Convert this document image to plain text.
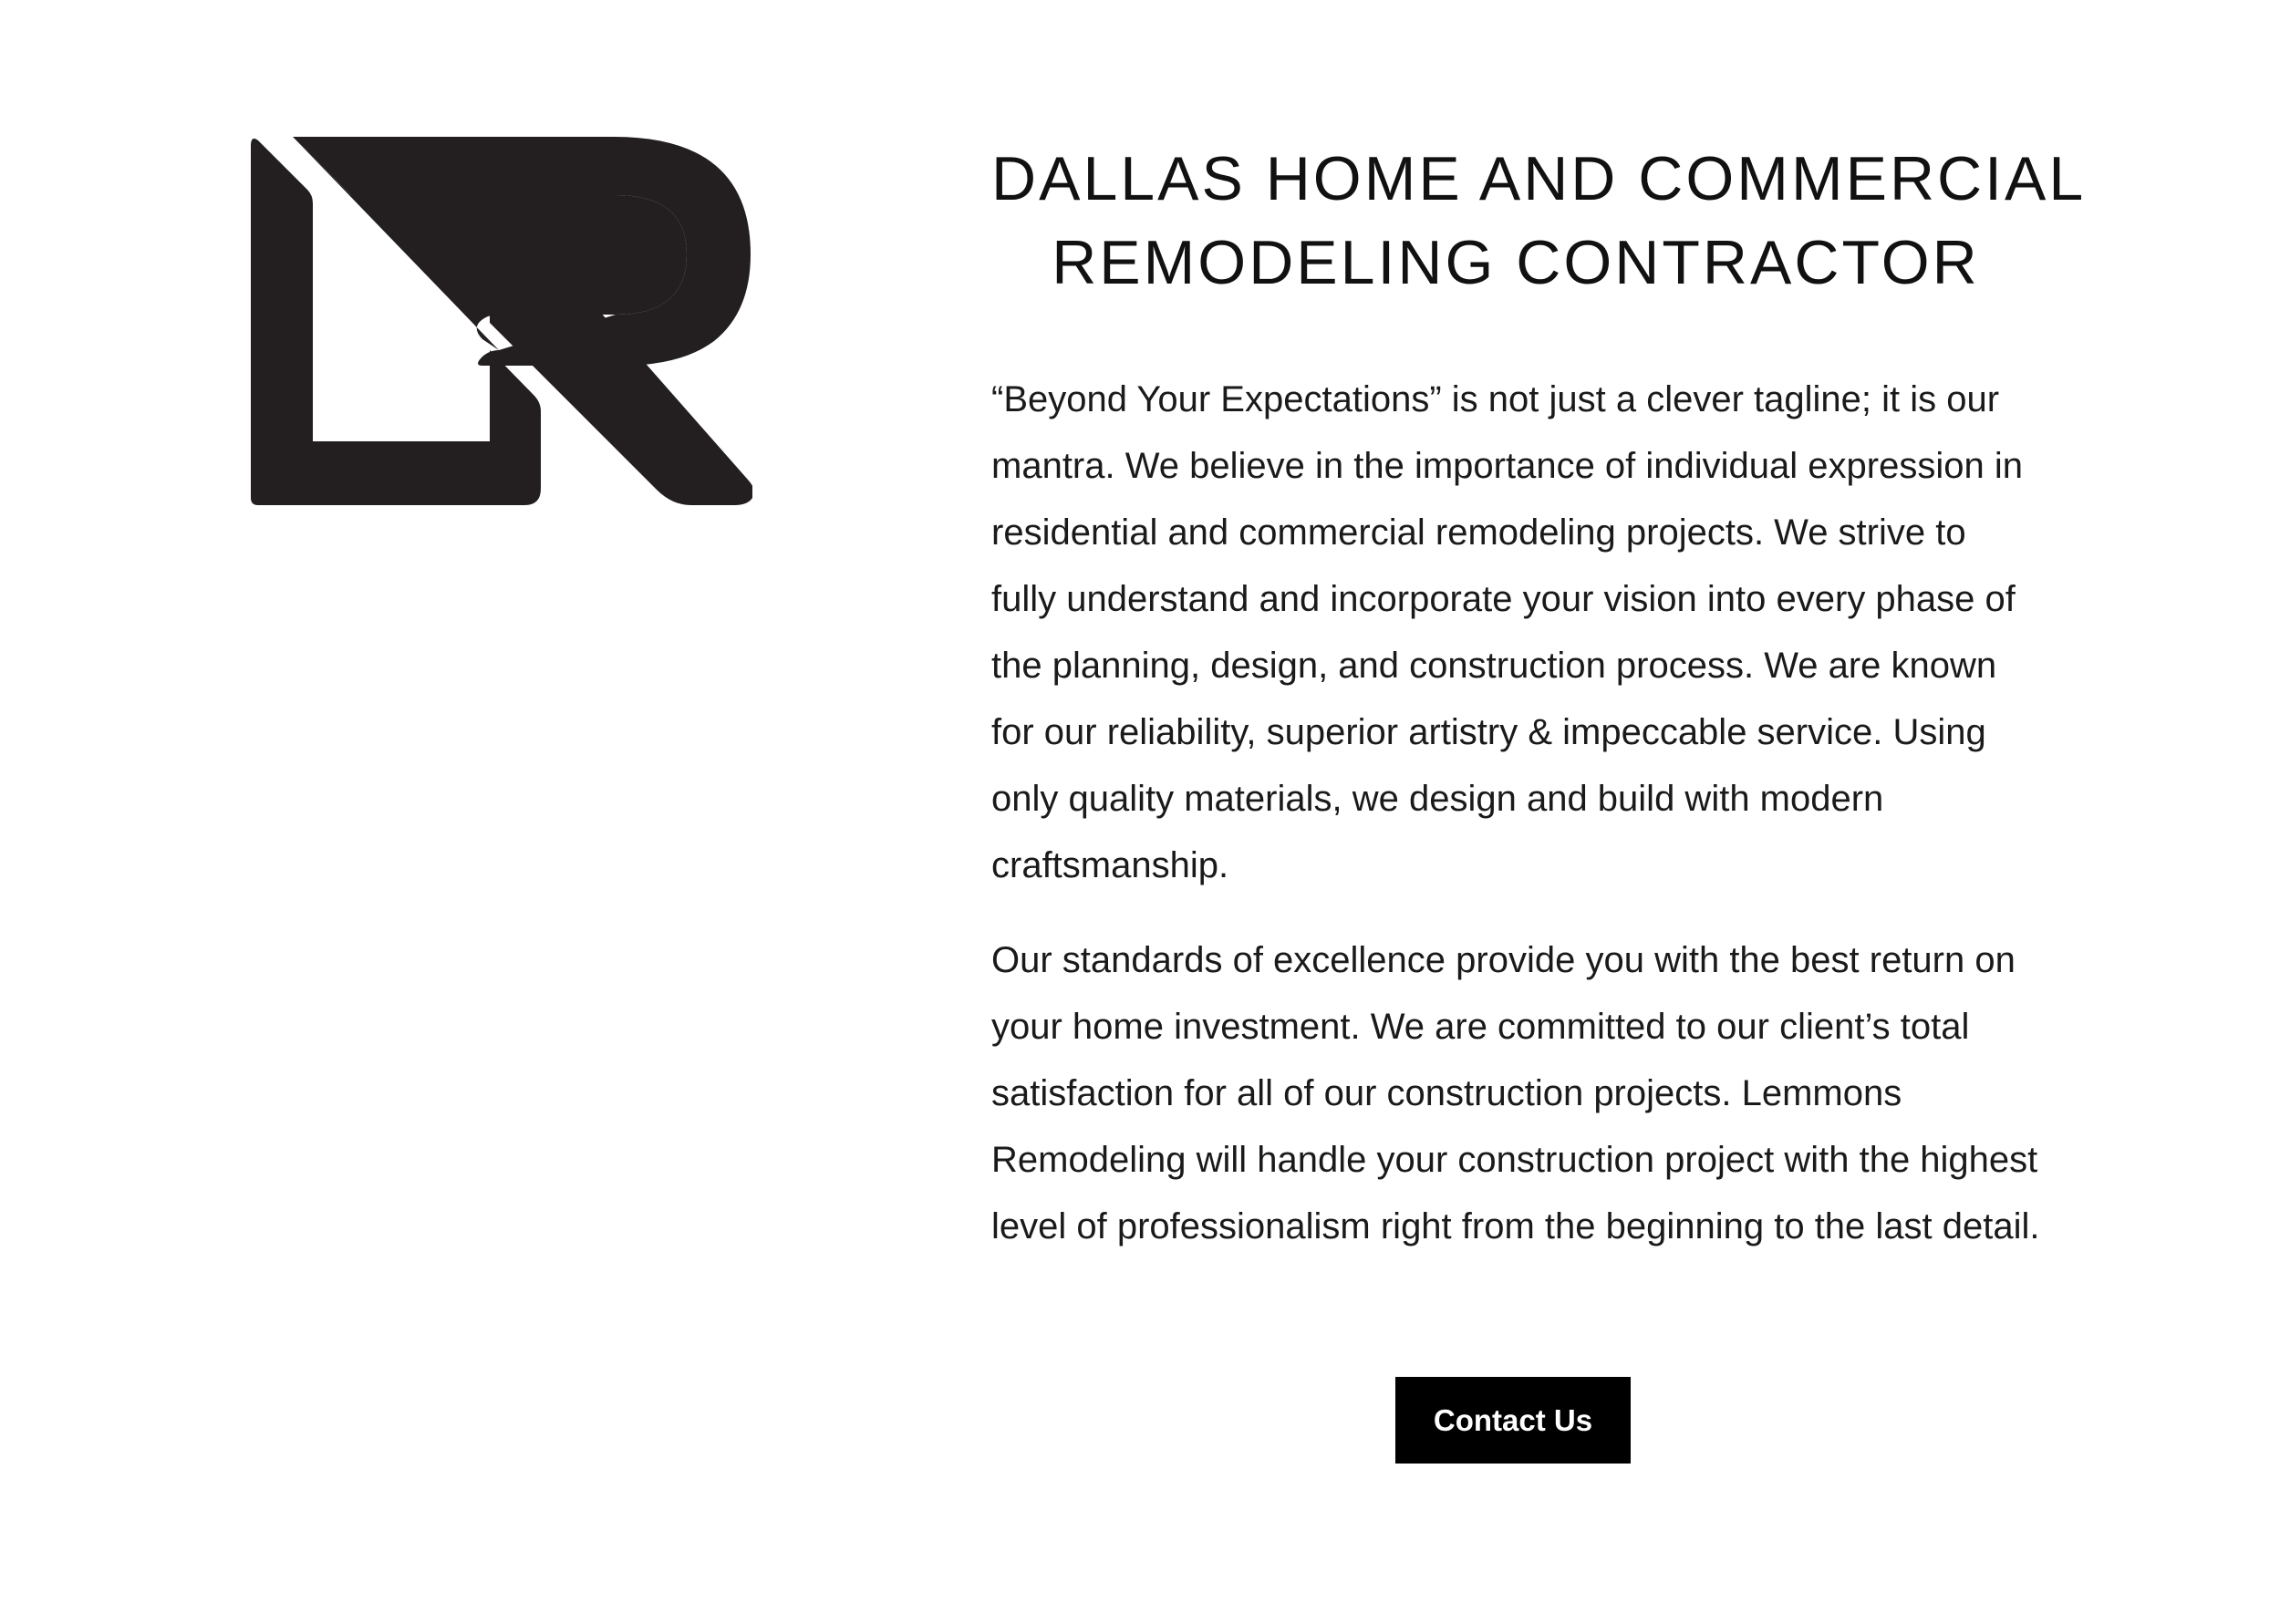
DALLAS HOME AND COMMERCIAL
REMODELING CONTRACTOR

“Beyond Your Expectations” is not just a clever tagline; it is our mantra. We believe in the importance of individual expression in residential and commercial remodeling projects. We strive to fully understand and incorporate your vision into every phase of the planning, design, and construction process. We are known for our reliability, superior artistry & impeccable service. Using only quality materials, we design and build with modern craftsmanship.

Our standards of excellence provide you with the best return on your home investment. We are committed to our client’s total satisfaction for all of our construction projects. Lemmons Remodeling will handle your construction project with the highest level of professionalism right from the beginning to the last detail.

Contact Us
